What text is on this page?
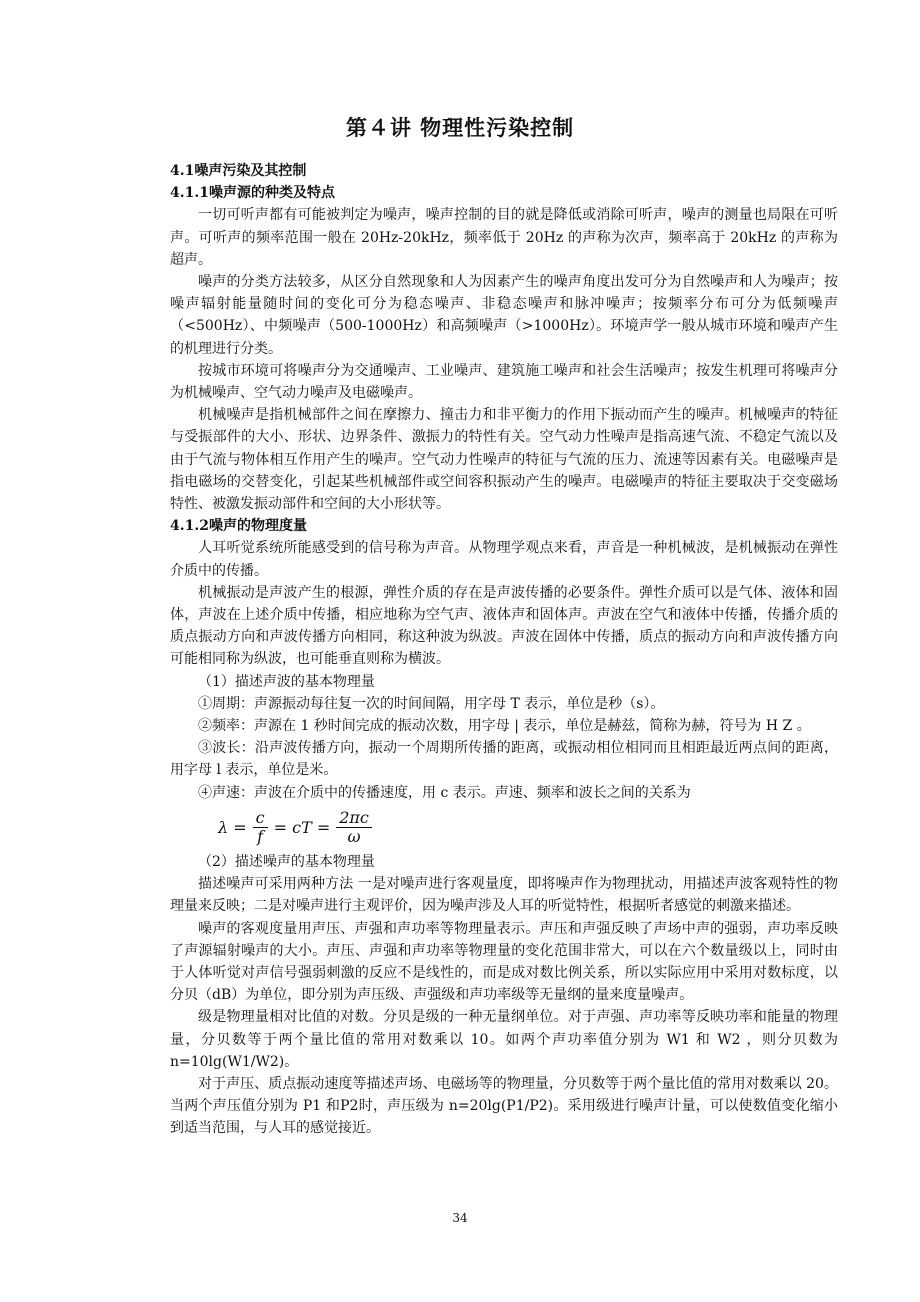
第４讲 物理性污染控制

4.1噪声污染及其控制

4.1.1噪声源的种类及特点

一切可听声都有可能被判定为噪声，噪声控制的目的就是降低或消除可听声，噪声的测量也局限在可听声。可听声的频率范围一般在 20Hz-20kHz，频率低于 20Hz 的声称为次声，频率高于 20kHz 的声称为超声。

噪声的分类方法较多，从区分自然现象和人为因素产生的噪声角度出发可分为自然噪声和人为噪声；按噪声辐射能量随时间的变化可分为稳态噪声、非稳态噪声和脉冲噪声；按频率分布可分为低频噪声（<500Hz）、中频噪声（500-1000Hz）和高频噪声（>1000Hz）。环境声学一般从城市环境和噪声产生的机理进行分类。

按城市环境可将噪声分为交通噪声、工业噪声、建筑施工噪声和社会生活噪声；按发生机理可将噪声分为机械噪声、空气动力噪声及电磁噪声。

机械噪声是指机械部件之间在摩擦力、撞击力和非平衡力的作用下振动而产生的噪声。机械噪声的特征与受振部件的大小、形状、边界条件、激振力的特性有关。空气动力性噪声是指高速气流、不稳定气流以及由于气流与物体相互作用产生的噪声。空气动力性噪声的特征与气流的压力、流速等因素有关。电磁噪声是指电磁场的交替变化，引起某些机械部件或空间容积振动产生的噪声。电磁噪声的特征主要取决于交变磁场特性、被激发振动部件和空间的大小形状等。

4.1.2噪声的物理度量

人耳听觉系统所能感受到的信号称为声音。从物理学观点来看，声音是一种机械波，是机械振动在弹性介质中的传播。

机械振动是声波产生的根源，弹性介质的存在是声波传播的必要条件。弹性介质可以是气体、液体和固体，声波在上述介质中传播，相应地称为空气声、液体声和固体声。声波在空气和液体中传播，传播介质的质点振动方向和声波传播方向相同，称这种波为纵波。声波在固体中传播，质点的振动方向和声波传播方向可能相同称为纵波，也可能垂直则称为横波。

（1）描述声波的基本物理量

①周期：声源振动每往复一次的时间间隔，用字母 T 表示，单位是秒（s）。

②频率：声源在 1 秒时间完成的振动次数，用字母 | 表示，单位是赫兹，简称为赫，符号为 H Z 。

③波长：沿声波传播方向，振动一个周期所传播的距离，或振动相位相同而且相距最近两点间的距离，用字母 l 表示，单位是米。

④声速：声波在介质中的传播速度，用 c 表示。声速、频率和波长之间的关系为

$\lambda = \frac{c}{f}$ = cT = $\frac{2\pi c}{\omega}$

（2）描述噪声的基本物理量

描述噪声可采用两种方法 一是对噪声进行客观量度，即将噪声作为物理扰动，用描述声波客观特性的物理量来反映；二是对噪声进行主观评价，因为噪声涉及人耳的听觉特性，根据听者感觉的刺激来描述。

噪声的客观度量用声压、声强和声功率等物理量表示。声压和声强反映了声场中声的强弱，声功率反映了声源辐射噪声的大小。声压、声强和声功率等物理量的变化范围非常大，可以在六个数量级以上，同时由于人体听觉对声信号强弱刺激的反应不是线性的，而是成对数比例关系，所以实际应用中采用对数标度，以分贝（dB）为单位，即分别为声压级、声强级和声功率级等无量纲的量来度量噪声。

级是物理量相对比值的对数。分贝是级的一种无量纲单位。对于声强、声功率等反映功率和能量的物理量，分贝数等于两个量比值的常用对数乘以 10。如两个声功率值分别为 W1 和 W2 ，则分贝数为 n=10lg(W1/W2)。

对于声压、质点振动速度等描述声场、电磁场等的物理量，分贝数等于两个量比值的常用对数乘以 20。当两个声压值分别为 P1 和P2时，声压级为 n=20lg(P1/P2)。采用级进行噪声计量，可以使数值变化缩小到适当范围，与人耳的感觉接近。

34
